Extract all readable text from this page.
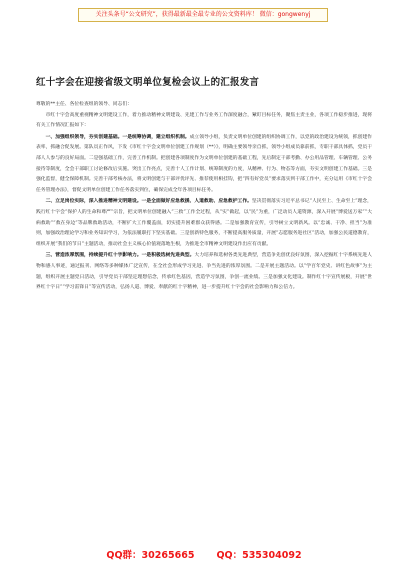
关注头条号“公文研究”，获得最新最全最专业的公文资料库！ 微信：gongwenyj
红十字会在迎接省级文明单位复检会议上的汇报发言

尊敬的**主任、各位检查组的领导、同志们：

市红十字会高度重视精神文明建设工作，着力推动精神文明建设、先建工作与业务工作深度融合，紧盯目标任务，聚焦主责主业，各项工作稳步推进，现将有关工作情况汇报如下：

一、加强组织领导，夯实创建基础。一是统筹协调，建立组织机制。成立领导小组，负责文明单位创建的组织协调工作，以党的政治建设为统领，抓创建作表率，抓融合促发展。第队员正作风，下发《市红十字会文明单位创建工作规划（**）》，明确主要领导亲自抓，领导小组成员靠前抓，专职干部具体抓，党员干部人人参与的良好局面。二是强基础工作，完善工作机制。把创建各项制度作为文明单位创建的基础工程，先后制定干部考勤、办公用品管理、车辆管理、公务接待等制度，全会干部职工讨论修改后实施。突出工作亮点，完善十人工作计划、统筹制度的力度，从精神、行为、物态等方面，夯实文明创建工作基础。三是强化监督，健全保障机制。完善干部考核办法，将文明创建与干部评优评先、推荐使用相挂钩，把“四有好党员”要求落实到干部工作中，充分运用《市红十字会任务管理办法》，督促文明单位创建工作任务落实到位，确保完成全年各项目标任务。

二、立足岗位实际，深入推进精神文明建设。一是全面做好应急救援、人道救助、应急救护工作。坚决贯彻落实习近平总书记“人民至上、生命至上”理念，践行红十字会“保护人的生命和尊严”宗旨，把文明单位创建融入“三救”工作全过程，从“实”做起，以“民”为重，广泛动员人道资源，深入开展“博爱送万家”“大病救助”“救在身边”等品牌救助活动，不断扩大工作覆盖面，切实提升困难群众获得感。二是加强教育宣传，引导树立文明新风。以“忠诚、干净、担当”为准则，加强政治理论学习和业务知识学习，为依法履职打下坚实基础。三是创新特色服务，不断提高服务质量，开展“志愿服务进社区”活动，加强公民道德教育，组织开展“我们的节日”主题活动，推动社会主义核心价值观落地生根，为推进全市精神文明建设作出应有贡献。

三、营造浓厚氛围，持续提升红十字影响力。一是积极选树先进典型。大力培养和选树各类先进典型，营造争先创优良好氛围，深入挖掘红十字系统先进人物和感人事迹，通过报刊、网络等多种媒体广泛宣传，在全社会形成学习先进、争当先进的浓厚氛围。二是开展主题活动。以“学百年党史、讲红色故事”为主题，组织开展主题党日活动，引导党员干部坚定理想信念，传承红色基因，营造学习氛围，争创一流业绩。三是加强文化建设。制作红十字宣传展板，开展“世界红十字日”“学习雷锋日”等宣传活动，弘扬人道、博爱、奉献的红十字精神，进一步提升红十字会的社会影响力和公信力。

QQ群：30265665 QQ：535304092
